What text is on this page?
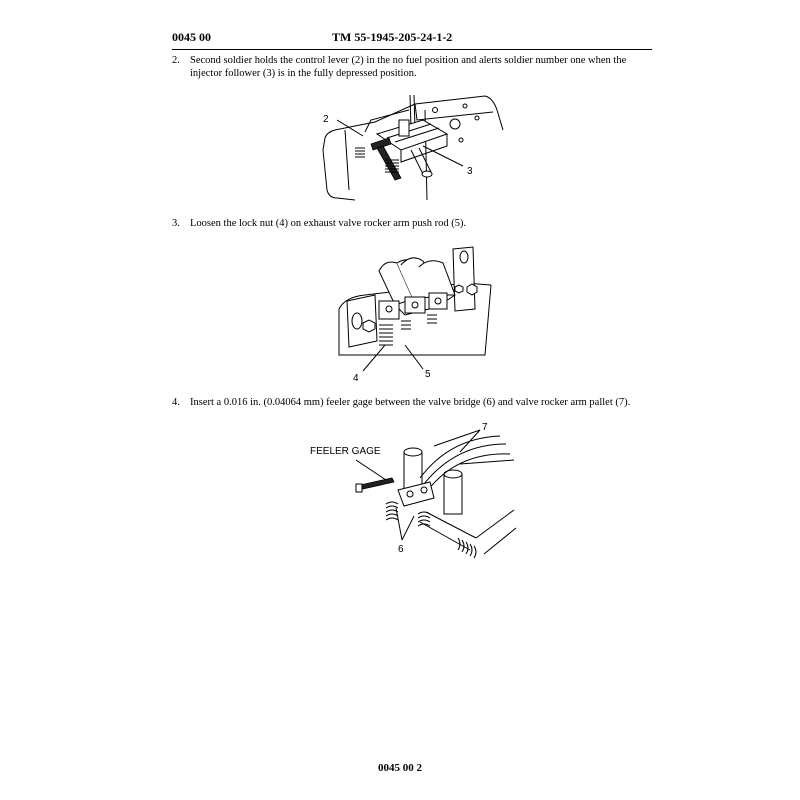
0045 00	TM 55-1945-205-24-1-2
2. Second soldier holds the control lever (2) in the no fuel position and alerts soldier number one when the injector follower (3) is in the fully depressed position.
2
3
3. Loosen the lock nut (4) on exhaust valve rocker arm push rod (5).
4	5
4. Insert a 0.016 in. (0.04064 mm) feeler gage between the valve bridge (6) and valve rocker arm pallet (7).
FEELER GAGE
7
6
0045 00 2
